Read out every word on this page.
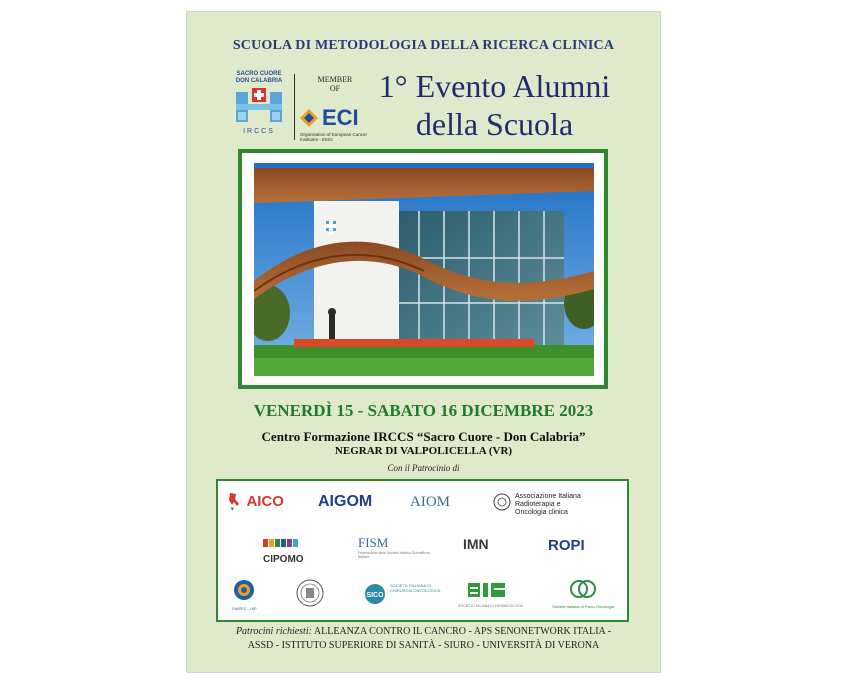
SCUOLA DI METODOLOGIA DELLA RICERCA CLINICA
SACRO CUORE
DON CALABRIA
IRCCS
MEMBER
OF
ECI
Organisation of European Cancer Institutes - EEIG
1° Evento Alumni
della Scuola
VENERDÌ 15 - SABATO 16 DICEMBRE 2023
Centro Formazione IRCCS “Sacro Cuore - Don Calabria”
NEGRAR DI VALPOLICELLA (VR)
Con il Patrocinio di
AICO AIGOM	AIOM	Associazione Italiana
Radioterapia e Oncologia clinica
CIPOMO
FISM
Federazione delle Società Medico-Scientifiche Italiane
IMN	ROPI
SIAPEC - IAP
SICO
SOCIETÀ ITALIANA DI CHIRURGIA ONCOLOGICA
SOCIETÀ ITALIANA DI FARMACOLOGIA	Società Italiana di Psico-Oncologia
Patrocini richiesti: ALLEANZA CONTRO IL CANCRO - APS SENONETWORK ITALIA -
ASSD - ISTITUTO SUPERIORE DI SANITÀ - SIURO - UNIVERSITÀ DI VERONA
